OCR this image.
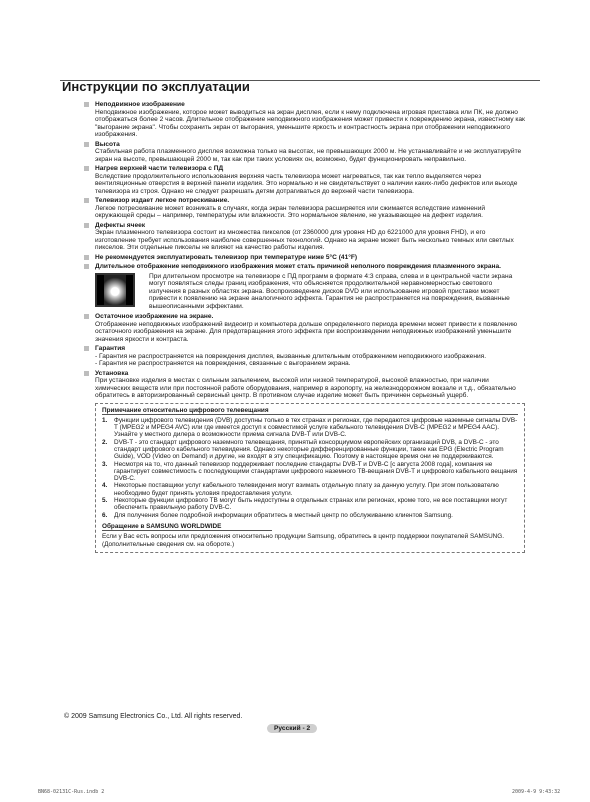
Инструкции по эксплуатации
Неподвижное изображение
Неподвижное изображение, которое может выводиться на экран дисплея, если к нему подключена игровая приставка или ПК, не должно отображаться более 2 часов. Длительное отображение неподвижного изображения может привести к повреждению экрана, известному как "выгорание экрана". Чтобы сохранить экран от выгорания, уменьшите яркость и контрастность экрана при отображении неподвижного изображения.
Высота
Стабильная работа плазменного дисплея возможна только на высотах, не превышающих 2000 м. Не устанавливайте и не эксплуатируйте экран на высоте, превышающей 2000 м, так как при таких условиях он, возможно, будет функционировать неправильно.
Нагрев верхней части телевизора с ПД
Вследствие продолжительного использования верхняя часть телевизора может нагреваться, так как тепло выделяется через вентиляционные отверстия в верхней панели изделия. Это нормально и не свидетельствует о наличии каких-либо дефектов или выходе телевизора из строя. Однако не следует разрешать детям дотрагиваться до верхней части телевизора.
Телевизор издает легкое потрескивание.
Легкое потрескивание может возникать в случаях, когда экран телевизора расширяется или сжимается вследствие изменений окружающей среды – например, температуры или влажности. Это нормальное явление, не указывающее на дефект изделия.
Дефекты ячеек
Экран плазменного телевизора состоит из множества пикселов (от 2360000 для уровня HD до 6221000 для уровня FHD), и его изготовление требует использования наиболее совершенных технологий. Однако на экране может быть несколько темных или светлых пикселов. Эти отдельные пикселы не влияют на качество работы изделия.
Не рекомендуется эксплуатировать телевизор при температуре ниже 5°C (41°F)
Длительное отображение неподвижного изображения может стать причиной неполного повреждения плазменного экрана.
При длительном просмотре на телевизоре с ПД программ в формате 4:3 справа, слева и в центральной части экрана могут появляться следы границ изображения, что объясняется продолжительной неравномерностью светового излучения в разных областях экрана. Воспроизведение дисков DVD или использование игровой приставки может привести к появлению на экране аналогичного эффекта. Гарантия не распространяется на повреждения, вызванные вышеописанными эффектами.
Остаточное изображение на экране.
Отображение неподвижных изображений видеоигр и компьютера дольше определенного периода времени может привести к появлению остаточного изображения на экране. Для предотвращения этого эффекта при воспроизведении неподвижных изображений уменьшите значения яркости и контраста.
Гарантия
- Гарантия не распространяется на повреждения дисплея, вызванные длительным отображением неподвижного изображения.
- Гарантия не распространяется на повреждения, связанные с выгоранием экрана.
Установка
При установке изделия в местах с сильным запылением, высокой или низкой температурой, высокой влажностью, при наличии химических веществ или при постоянной работе оборудования, например в аэропорту, на железнодорожном вокзале и т.д., обязательно обратитесь в авторизированный сервисный центр. В противном случае изделие может быть причинен серьезный ущерб.
Примечание относительно цифрового телевещания
1.	Функции цифрового телевидения (DVB) доступны только в тех странах и регионах, где передаются цифровые наземные сигналы DVB-T (MPEG2 и MPEG4 AVC) или где имеется доступ к совместимой услуге кабельного телевидения DVB-C (MPEG2 и MPEG4 AAC). Узнайте у местного дилера о возможности приема сигнала DVB-T или DVB-C.
2.	DVB-T - это стандарт цифрового наземного телевещания, принятый консорциумом европейских организаций DVB, а DVB-C - это стандарт цифрового кабельного телевидения. Однако некоторые дифференцированные функции, такие как EPG (Electric Program Guide), VOD (Video on Demand) и другие, не входят в эту спецификацию. Поэтому в настоящее время они не поддерживаются.
3.	Несмотря на то, что данный телевизор поддерживает последние стандарты DVB-T и DVB-C [с августа 2008 года], компания не гарантирует совместимость с последующими стандартами цифрового наземного ТВ-вещания DVB-T и цифрового кабельного вещания DVB-C.
4.	Некоторые поставщики услуг кабельного телевидения могут взимать отдельную плату за данную услугу. При этом пользователю необходимо будет принять условия предоставления услуги.
5.	Некоторые функции цифрового ТВ могут быть недоступны в отдельных странах или регионах, кроме того, не все поставщики могут обеспечить правильную работу DVB-C.
6.	Для получения более подробной информации обратитесь в местный центр по обслуживанию клиентов Samsung.
Обращение в SAMSUNG WORLDWIDE
Если у Вас есть вопросы или предложения относительно продукции Samsung, обратитесь в центр поддержки покупателей SAMSUNG. (Дополнительные сведения см. на обороте.)
© 2009 Samsung Electronics Co., Ltd. All rights reserved.
Русский - 2
BN68-02131C-Rus.indb 2	2009-4-9 9:43:32
